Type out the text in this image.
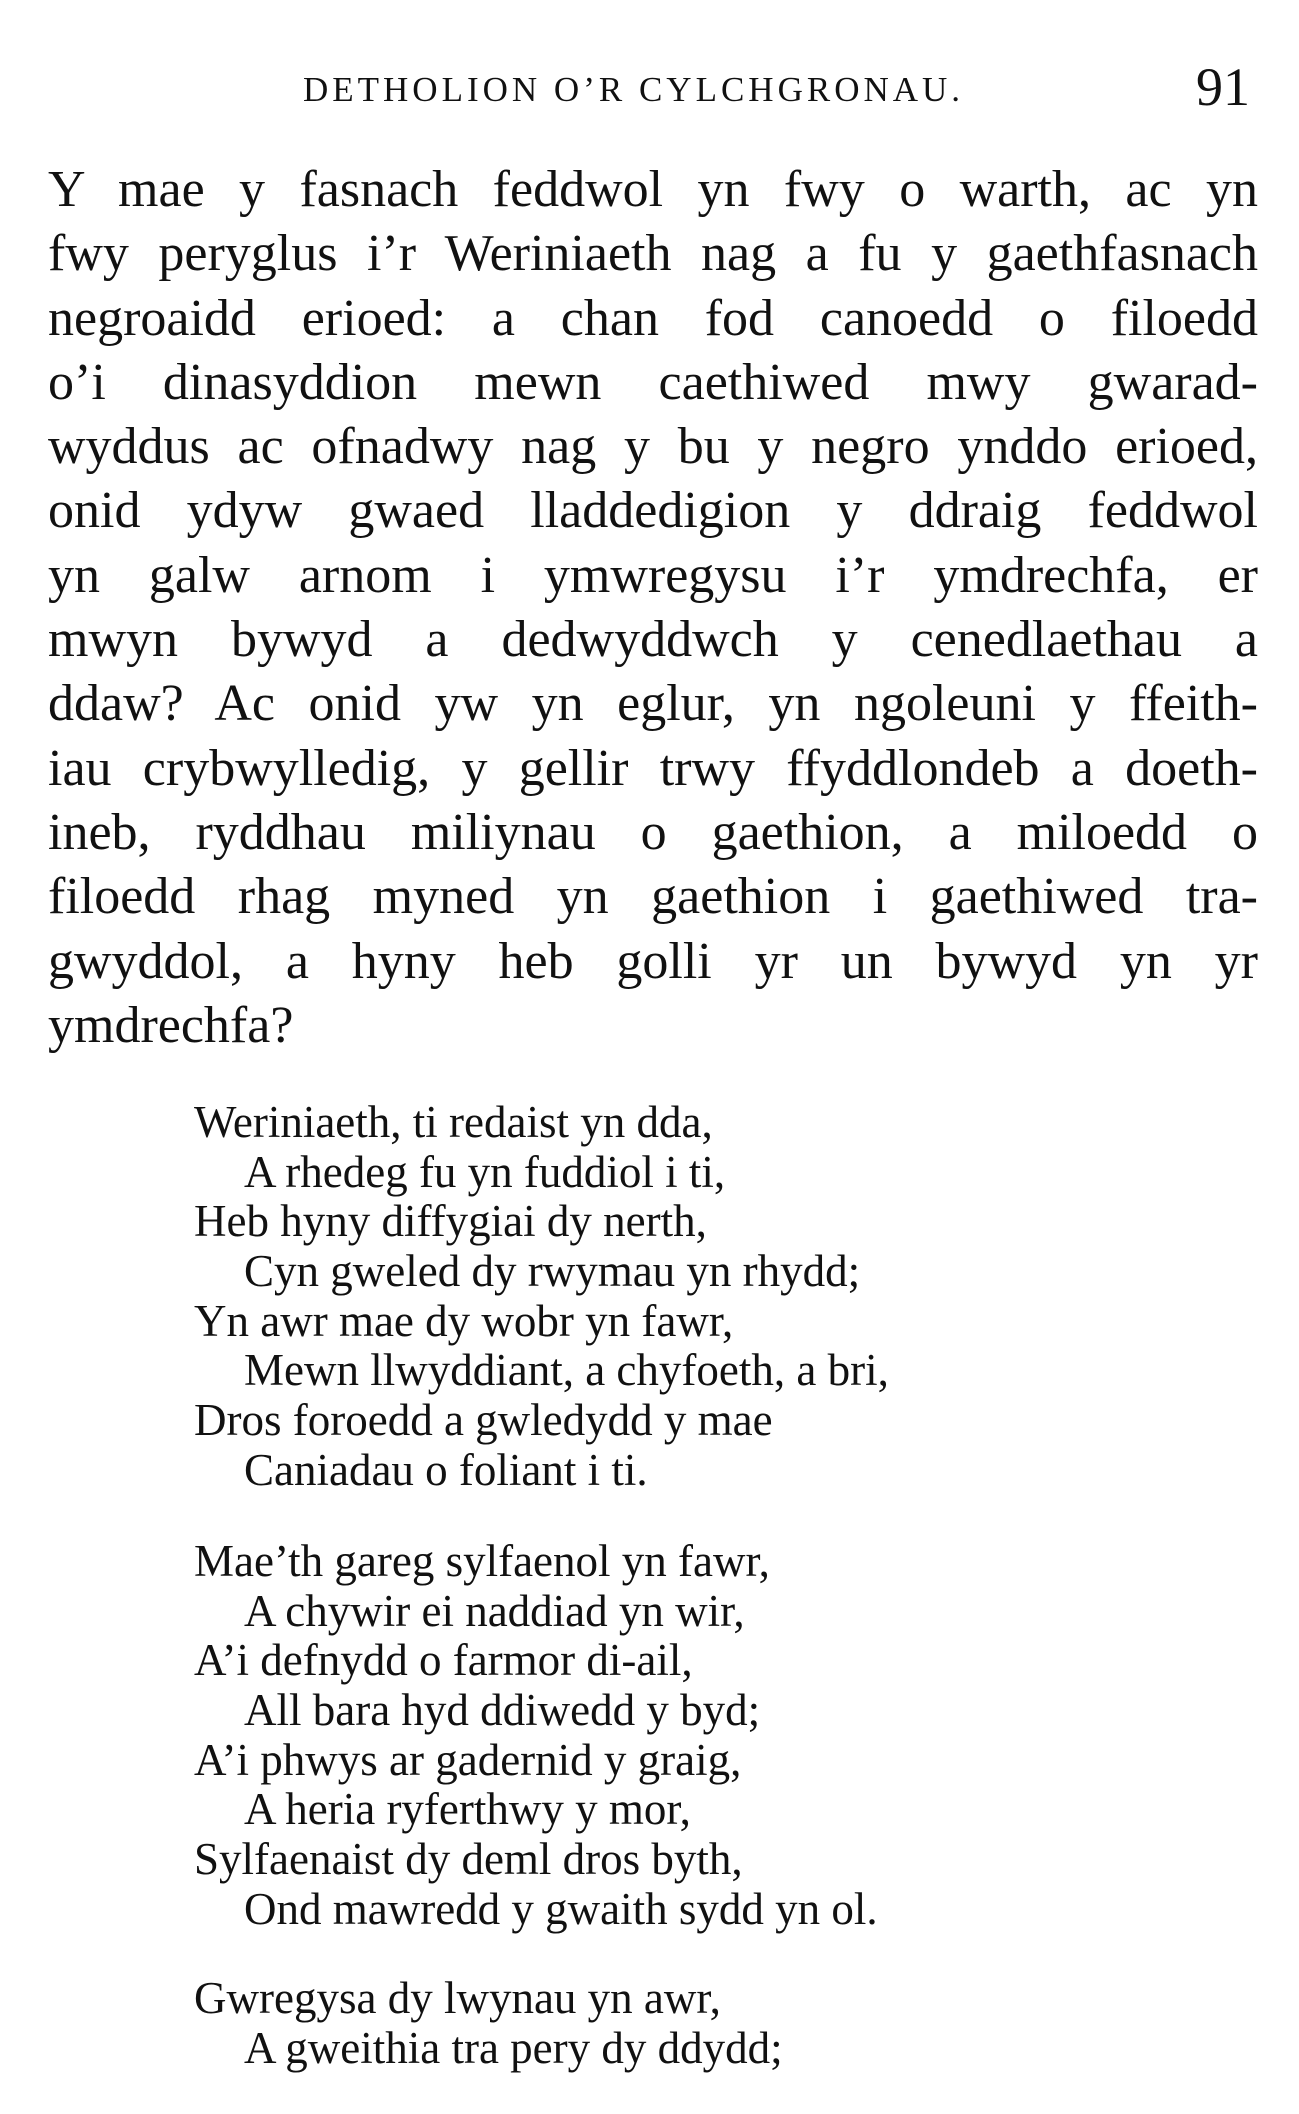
DETHOLION O’R CYLCHGRONAU.	91
Y mae y fasnach feddwol yn fwy o warth, ac yn
fwy peryglus i’r Weriniaeth nag a fu y gaethfasnach
negroaidd erioed: a chan fod canoedd o filoedd
o’i dinasyddion mewn caethiwed mwy gwarad-
wyddus ac ofnadwy nag y bu y negro ynddo erioed,
onid ydyw gwaed lladdedigion y ddraig feddwol
yn galw arnom i ymwregysu i’r ymdrechfa, er
mwyn bywyd a dedwyddwch y cenedlaethau a
ddaw? Ac onid yw yn eglur, yn ngoleuni y ffeith-
iau crybwylledig, y gellir trwy ffyddlondeb a doeth-
ineb, ryddhau miliynau o gaethion, a miloedd o
filoedd rhag myned yn gaethion i gaethiwed tra-
gwyddol, a hyny heb golli yr un bywyd yn yr
ymdrechfa?
Weriniaeth, ti redaist yn dda,
A rhedeg fu yn fuddiol i ti,
Heb hyny diffygiai dy nerth,
Cyn gweled dy rwymau yn rhydd;
Yn awr mae dy wobr yn fawr,
Mewn llwyddiant, a chyfoeth, a bri,
Dros foroedd a gwledydd y mae
Caniadau o foliant i ti.
Mae’th gareg sylfaenol yn fawr,
A chywir ei naddiad yn wir,
A’i defnydd o farmor di-ail,
All bara hyd ddiwedd y byd;
A’i phwys ar gadernid y graig,
A heria ryferthwy y mor,
Sylfaenaist dy deml dros byth,
Ond mawredd y gwaith sydd yn ol.
Gwregysa dy lwynau yn awr,
A gweithia tra pery dy ddydd;
